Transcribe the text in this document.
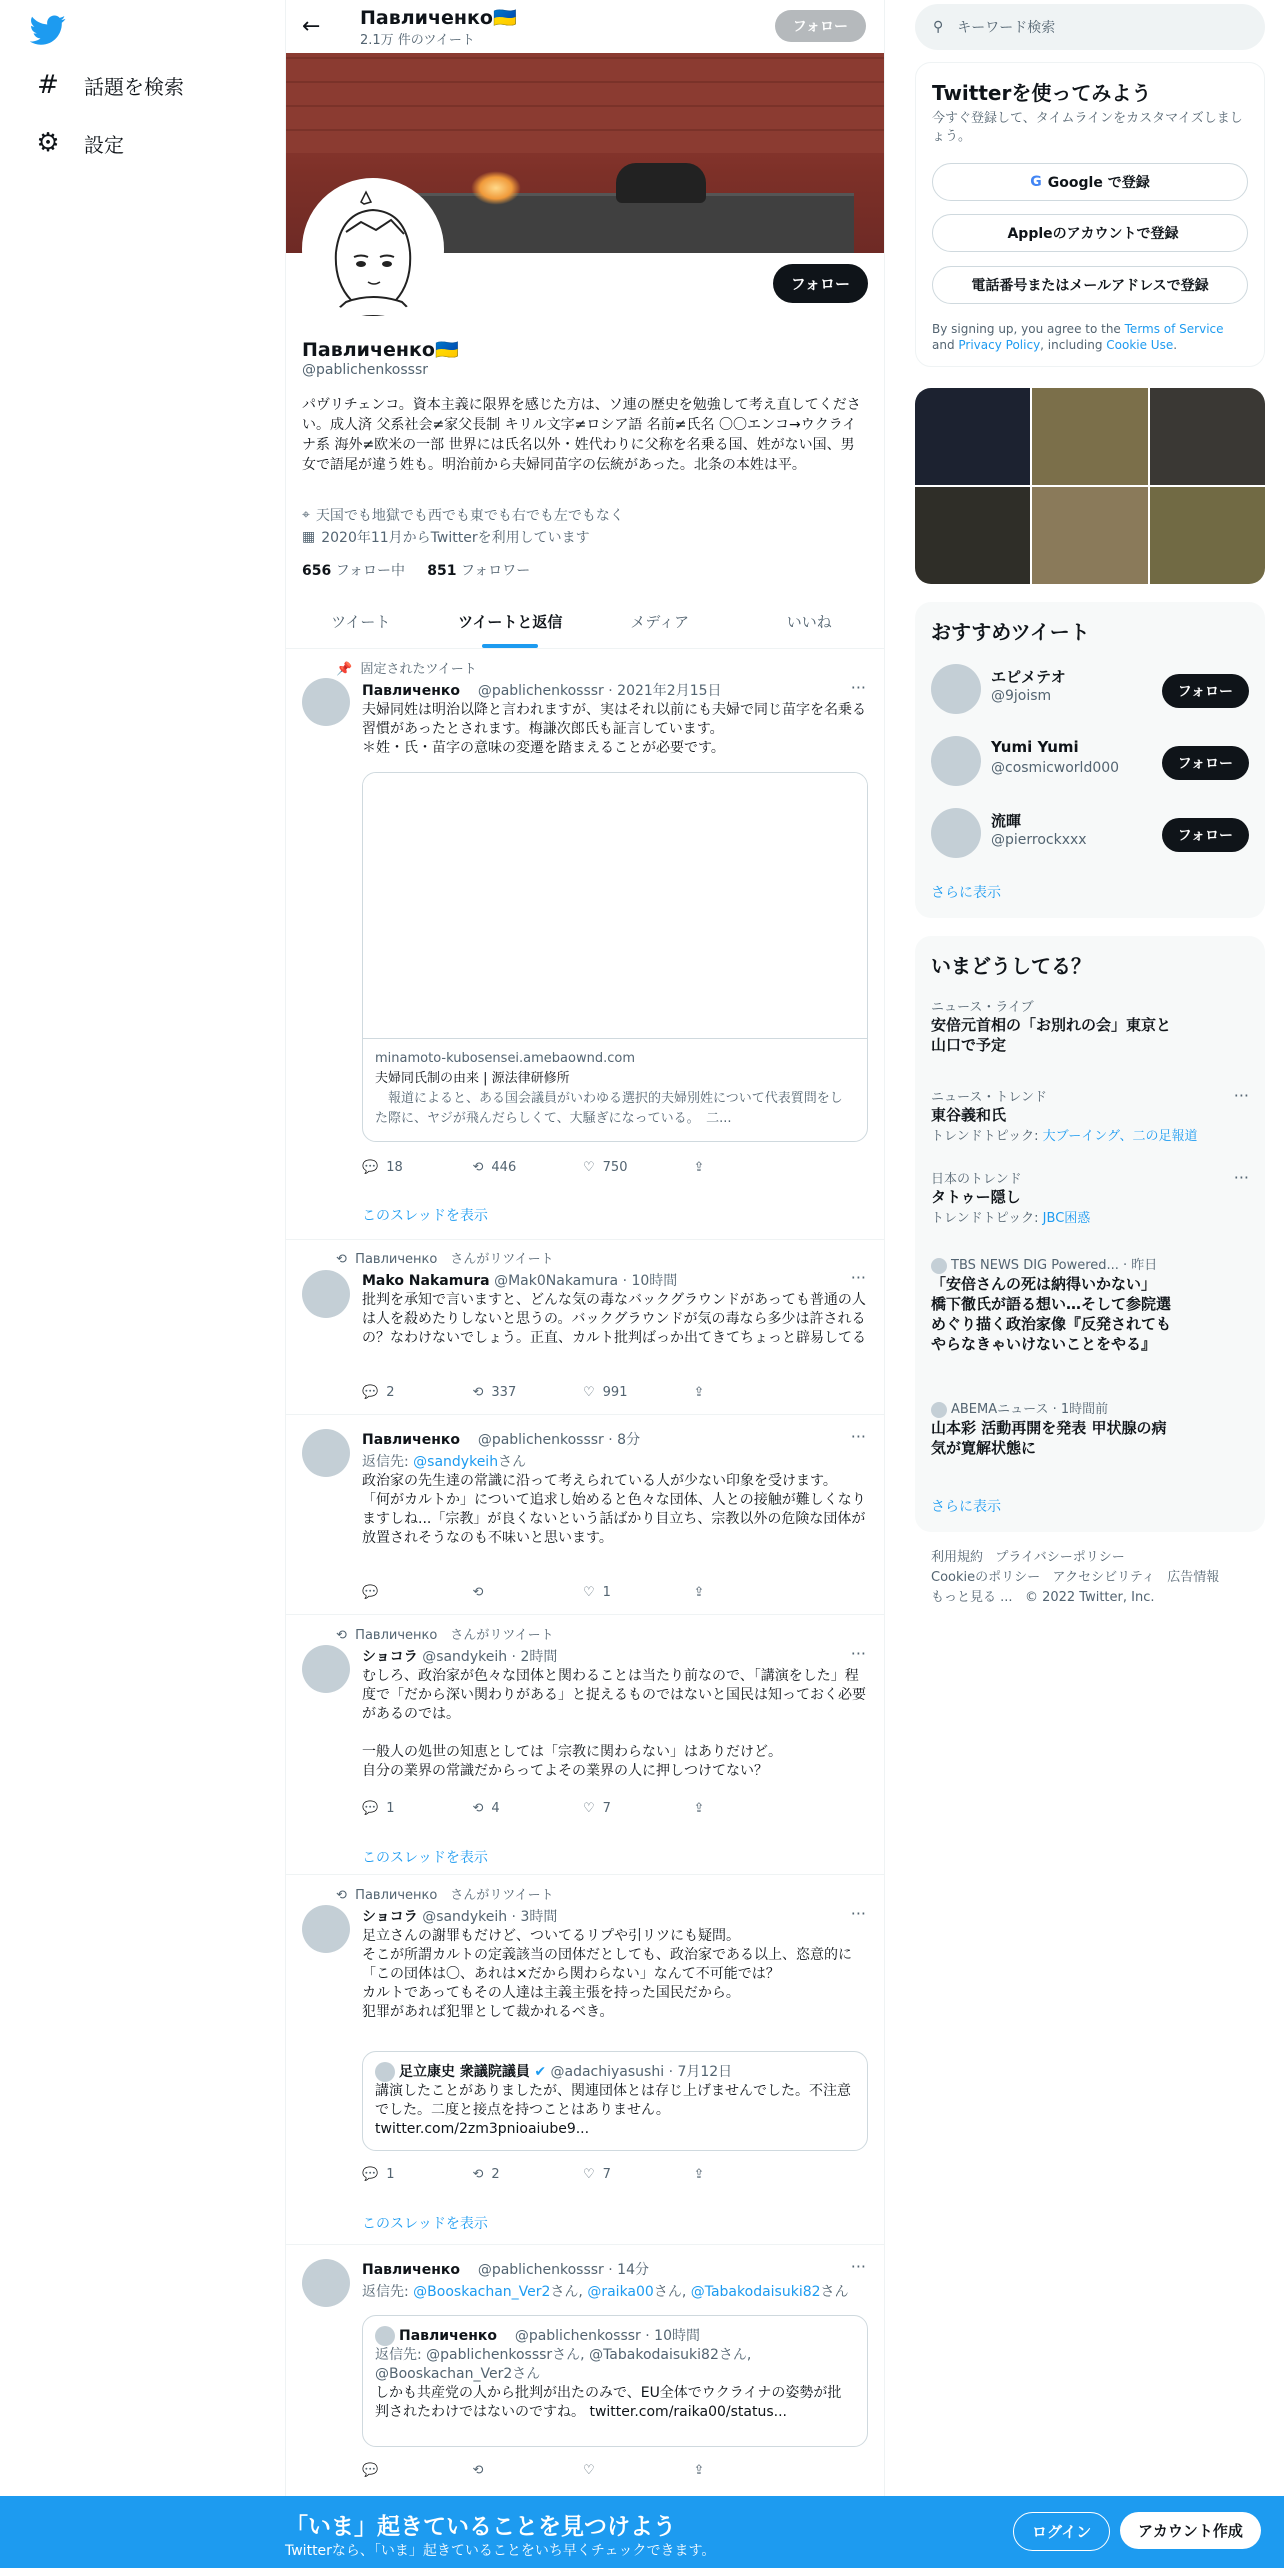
# 話題を検索
⚙ 設定
←	Павличенко🇺🇦
2.1万 件のツイート
フォロー
フォロー
Павличенко🇺🇦
@pablichenkosssr
パヴリチェンコ。資本主義に限界を感じた方は、ソ連の歴史を勉強して考え直してください。成人済 父系社会≠家父長制 キリル文字≠ロシア語 名前≠氏名 〇〇エンコ→ウクライナ系 海外≠欧米の一部 世界には氏名以外・姓代わりに父称を名乗る国、姓がない国、男女で語尾が違う姓も。明治前から夫婦同苗字の伝統があった。北条の本姓は平。
⌖ 天国でも地獄でも西でも東でも右でも左でもなく
▦ 2020年11月からTwitterを利用しています
656 フォロー中 851 フォロワー
ツイート	ツイートと返信	メディア	いいね
📌 固定されたツイート
Павличенко @pablichenkosssr · 2021年2月15日	···
夫婦同姓は明治以降と言われますが、実はそれ以前にも夫婦で同じ苗字を名乗る習慣があったとされます。梅謙次郎氏も証言しています。
＊姓・氏・苗字の意味の変遷を踏まえることが必要です。
minamoto-kubosensei.amebaownd.com
夫婦同氏制の由来 | 源法律研修所
　報道によると、ある国会議員がいわゆる選択的夫婦別姓について代表質問をした際に、ヤジが飛んだらしくて、大騒ぎになっている。　二...
💬 18	⟲ 446	♡ 750	⇪
このスレッドを表示
⟲ Павличенко　さんがリツイート
Mako Nakamura @Mak0Nakamura · 10時間	···
批判を承知で言いますと、どんな気の毒なバックグラウンドがあっても普通の人は人を殺めたりしないと思うの。バックグラウンドが気の毒なら多少は許されるの？なわけないでしょう。正直、カルト批判ばっか出てきてちょっと辟易してる
💬 2	⟲ 337	♡ 991	⇪
Павличенко @pablichenkosssr · 8分	···
返信先: @sandykeihさん
政治家の先生達の常識に沿って考えられている人が少ない印象を受けます。
「何がカルトか」について追求し始めると色々な団体、人との接触が難しくなりますしね...「宗教」が良くないという話ばかり目立ち、宗教以外の危険な団体が放置されそうなのも不味いと思います。
💬	⟲	♡ 1	⇪
⟲ Павличенко　さんがリツイート
ショコラ @sandykeih · 2時間	···
むしろ、政治家が色々な団体と関わることは当たり前なので、「講演をした」程度で「だから深い関わりがある」と捉えるものではないと国民は知っておく必要があるのでは。

一般人の処世の知恵としては「宗教に関わらない」はありだけど。
自分の業界の常識だからってよその業界の人に押しつけてない？
💬 1	⟲ 4	♡ 7	⇪
このスレッドを表示
⟲ Павличенко　さんがリツイート
ショコラ @sandykeih · 3時間	···
足立さんの謝罪もだけど、ついてるリプや引リツにも疑問。
そこが所謂カルトの定義該当の団体だとしても、政治家である以上、恣意的に「この団体は〇、あれは×だから関わらない」なんて不可能では？
カルトであってもその人達は主義主張を持った国民だから。
犯罪があれば犯罪として裁かれるべき。
足立康史 衆議院議員 ✔ @adachiyasushi · 7月12日
講演したことがありましたが、関連団体とは存じ上げませんでした。不注意でした。二度と接点を持つことはありません。
twitter.com/2zm3pnioaiube9...
💬 1	⟲ 2	♡ 7	⇪
このスレッドを表示
Павличенко @pablichenkosssr · 14分	···
返信先: @Booskachan_Ver2さん, @raika00さん, @Tabakodaisuki82さん
Павличенко @pablichenkosssr · 10時間
返信先: @pablichenkosssrさん, @Tabakodaisuki82さん, @Booskachan_Ver2さん
しかも共産党の人から批判が出たのみで、EU全体でウクライナの姿勢が批判されたわけではないのですね。 twitter.com/raika00/status...
💬	⟲	♡	⇪
⚲ キーワード検索
Twitterを使ってみよう
今すぐ登録して、タイムラインをカスタマイズしましょう。
G Google で登録
Appleのアカウントで登録
電話番号またはメールアドレスで登録
By signing up, you agree to the Terms of Service and Privacy Policy, including Cookie Use.
おすすめツイート
エピメテオ
@9joism	フォロー
Yumi Yumi
@cosmicworld000	フォロー
流暉
@pierrockxxx	フォロー
さらに表示
いまどうしてる？
ニュース・ライブ
安倍元首相の「お別れの会」東京と山口で予定
ニュース・トレンド
東谷義和氏
トレンドトピック: 大ブーイング、二の足報道
···
日本のトレンド
タトゥー隠し
トレンドトピック: JBC困惑
···
TBS NEWS DIG Powered... · 昨日
「安倍さんの死は納得いかない」 橋下徹氏が語る想い…そして参院選めぐり描く政治家像『反発されてもやらなきゃいけないことをやる』
ABEMAニュース · 1時間前
山本彩 活動再開を発表 甲状腺の病気が寛解状態に
さらに表示
利用規約 プライバシーポリシー
Cookieのポリシー アクセシビリティ 広告情報
もっと見る ... © 2022 Twitter, Inc.
「いま」起きていることを見つけよう
Twitterなら、「いま」起きていることをいち早くチェックできます。
ログイン	アカウント作成
